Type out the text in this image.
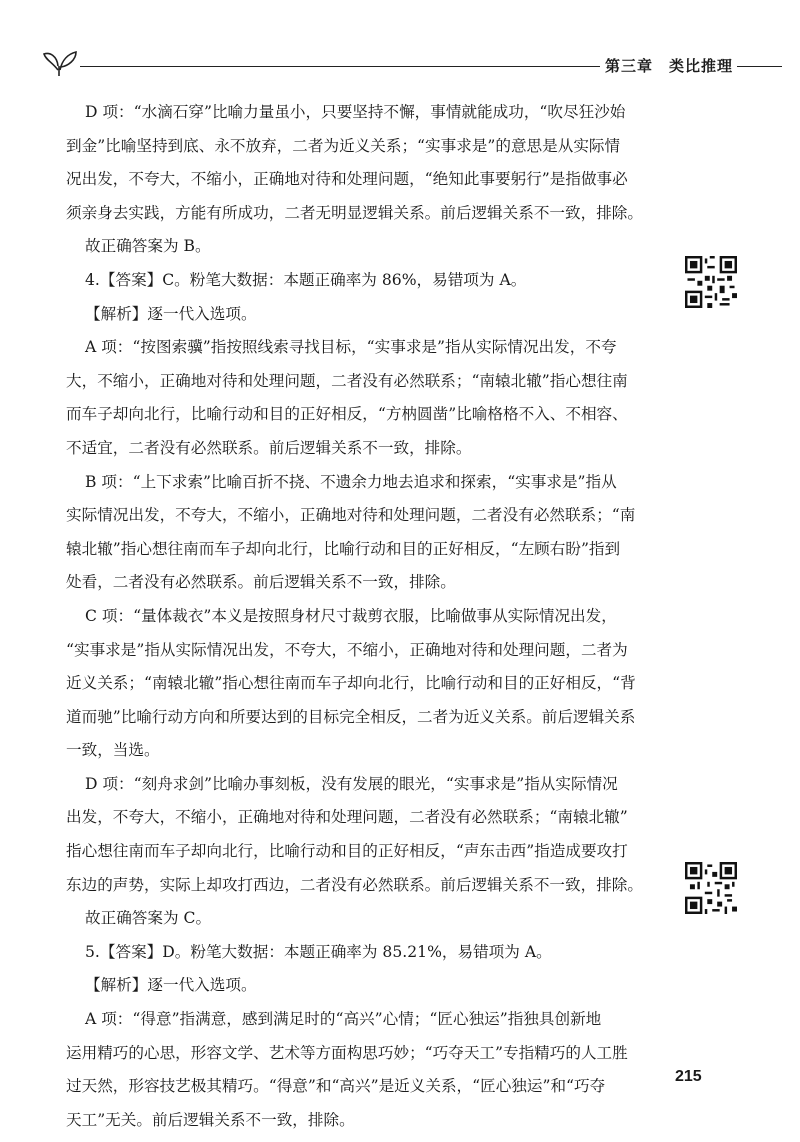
第三章 类比推理

D 项：“水滴石穿”比喻力量虽小，只要坚持不懈，事情就能成功，“吹尽狂沙始
到金”比喻坚持到底、永不放弃，二者为近义关系；“实事求是”的意思是从实际情
况出发，不夸大，不缩小，正确地对待和处理问题，“绝知此事要躬行”是指做事必
须亲身去实践，方能有所成功，二者无明显逻辑关系。前后逻辑关系不一致，排除。

故正确答案为 B。

4.【答案】C。粉笔大数据：本题正确率为 86%，易错项为 A。

【解析】逐一代入选项。

A 项：“按图索骥”指按照线索寻找目标，“实事求是”指从实际情况出发，不夸
大，不缩小，正确地对待和处理问题，二者没有必然联系；“南辕北辙”指心想往南
而车子却向北行，比喻行动和目的正好相反，“方枘圆凿”比喻格格不入、不相容、
不适宜，二者没有必然联系。前后逻辑关系不一致，排除。

B 项：“上下求索”比喻百折不挠、不遗余力地去追求和探索，“实事求是”指从
实际情况出发，不夸大，不缩小，正确地对待和处理问题，二者没有必然联系；“南
辕北辙”指心想往南而车子却向北行，比喻行动和目的正好相反，“左顾右盼”指到
处看，二者没有必然联系。前后逻辑关系不一致，排除。

C 项：“量体裁衣”本义是按照身材尺寸裁剪衣服，比喻做事从实际情况出发，
“实事求是”指从实际情况出发，不夸大，不缩小，正确地对待和处理问题，二者为
近义关系；“南辕北辙”指心想往南而车子却向北行，比喻行动和目的正好相反，“背
道而驰”比喻行动方向和所要达到的目标完全相反，二者为近义关系。前后逻辑关系
一致，当选。

D 项：“刻舟求剑”比喻办事刻板，没有发展的眼光，“实事求是”指从实际情况
出发，不夸大，不缩小，正确地对待和处理问题，二者没有必然联系；“南辕北辙”
指心想往南而车子却向北行，比喻行动和目的正好相反，“声东击西”指造成要攻打
东边的声势，实际上却攻打西边，二者没有必然联系。前后逻辑关系不一致，排除。

故正确答案为 C。

5.【答案】D。粉笔大数据：本题正确率为 85.21%，易错项为 A。

【解析】逐一代入选项。

A 项：“得意”指满意，感到满足时的“高兴”心情；“匠心独运”指独具创新地
运用精巧的心思，形容文学、艺术等方面构思巧妙；“巧夺天工”专指精巧的人工胜
过天然，形容技艺极其精巧。“得意”和“高兴”是近义关系，“匠心独运”和“巧夺
天工”无关。前后逻辑关系不一致，排除。

215
